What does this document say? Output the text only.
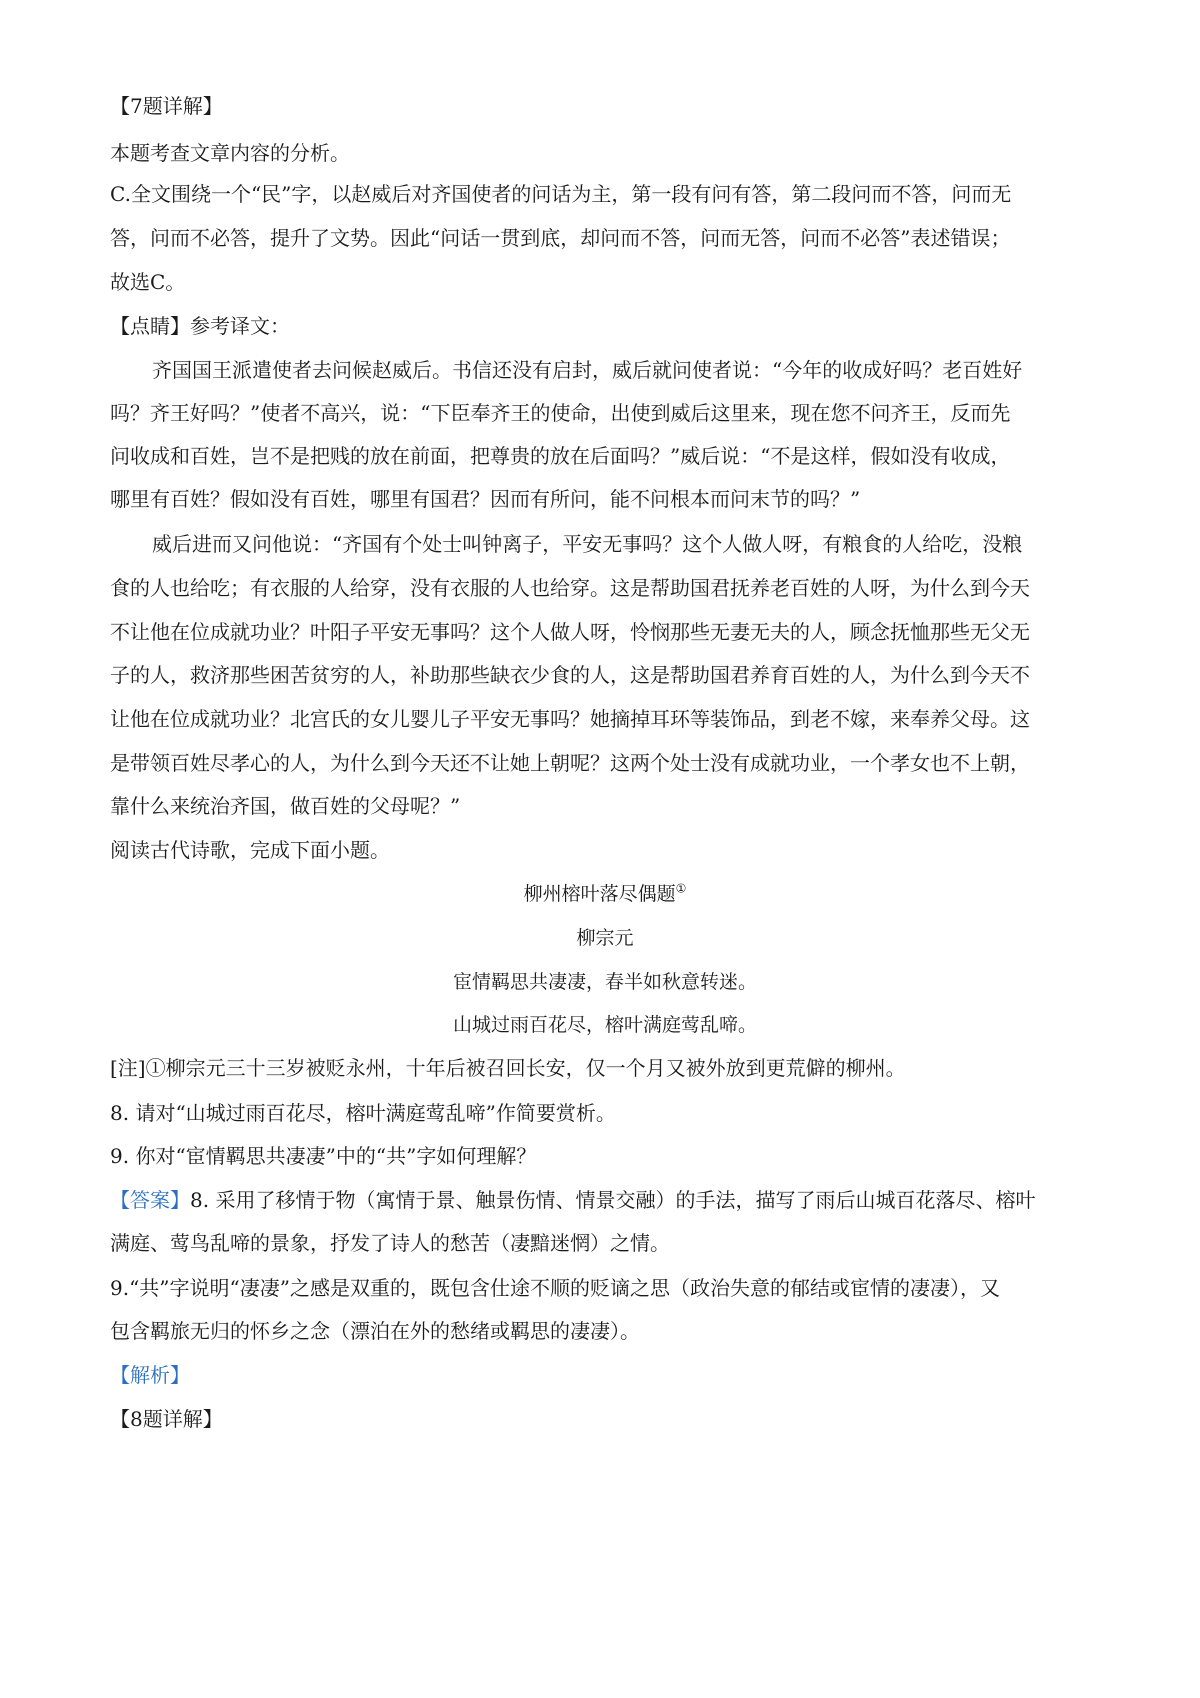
【7题详解】
本题考查文章内容的分析。
C.全文围绕一个“民”字，以赵威后对齐国使者的问话为主，第一段有问有答，第二段问而不答，问而无
答，问而不必答，提升了文势。因此“问话一贯到底，却问而不答，问而无答，问而不必答”表述错误；
故选C。
【点睛】参考译文：
齐国国王派遣使者去问候赵威后。书信还没有启封，威后就问使者说：“今年的收成好吗？老百姓好
吗？齐王好吗？”使者不高兴，说：“下臣奉齐王的使命，出使到威后这里来，现在您不问齐王，反而先
问收成和百姓，岂不是把贱的放在前面，把尊贵的放在后面吗？”威后说：“不是这样，假如没有收成，
哪里有百姓？假如没有百姓，哪里有国君？因而有所问，能不问根本而问末节的吗？”
威后进而又问他说：“齐国有个处士叫钟离子，平安无事吗？这个人做人呀，有粮食的人给吃，没粮
食的人也给吃；有衣服的人给穿，没有衣服的人也给穿。这是帮助国君抚养老百姓的人呀，为什么到今天
不让他在位成就功业？叶阳子平安无事吗？这个人做人呀，怜悯那些无妻无夫的人，顾念抚恤那些无父无
子的人，救济那些困苦贫穷的人，补助那些缺衣少食的人，这是帮助国君养育百姓的人，为什么到今天不
让他在位成就功业？北宫氏的女儿婴儿子平安无事吗？她摘掉耳环等装饰品，到老不嫁，来奉养父母。这
是带领百姓尽孝心的人，为什么到今天还不让她上朝呢？这两个处士没有成就功业，一个孝女也不上朝，
靠什么来统治齐国，做百姓的父母呢？”
阅读古代诗歌，完成下面小题。
柳州榕叶落尽偶题①
柳宗元
宦情羁思共凄凄，春半如秋意转迷。
山城过雨百花尽，榕叶满庭莺乱啼。
[注]①柳宗元三十三岁被贬永州，十年后被召回长安，仅一个月又被外放到更荒僻的柳州。
8. 请对“山城过雨百花尽，榕叶满庭莺乱啼”作简要赏析。
9. 你对“宦情羁思共凄凄”中的“共”字如何理解？
【答案】8. 采用了移情于物（寓情于景、触景伤情、情景交融）的手法，描写了雨后山城百花落尽、榕叶
满庭、莺鸟乱啼的景象，抒发了诗人的愁苦（凄黯迷惘）之情。
9.“共”字说明“凄凄”之感是双重的，既包含仕途不顺的贬谪之思（政治失意的郁结或宦情的凄凄），又
包含羁旅无归的怀乡之念（漂泊在外的愁绪或羁思的凄凄）。
【解析】
【8题详解】
